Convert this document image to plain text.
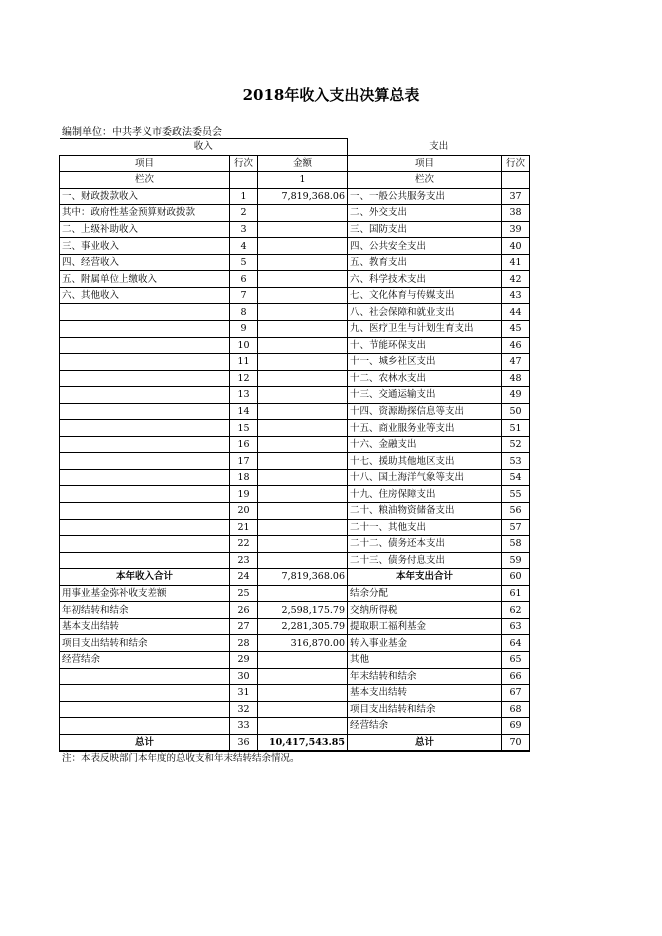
2018年收入支出决算总表
编制单位：中共孝义市委政法委员会
收入			支出	
项目	行次	金额	项目	行次
栏次		1	栏次	
一、财政拨款收入	1	7,819,368.06	一、一般公共服务支出	37
其中：政府性基金预算财政拨款	2		二、外交支出	38
二、上级补助收入	3		三、国防支出	39
三、事业收入	4		四、公共安全支出	40
四、经营收入	5		五、教育支出	41
五、附属单位上缴收入	6		六、科学技术支出	42
六、其他收入	7		七、文化体育与传媒支出	43
	8		八、社会保障和就业支出	44
	9		九、医疗卫生与计划生育支出	45
	10		十、节能环保支出	46
	11		十一、城乡社区支出	47
	12		十二、农林水支出	48
	13		十三、交通运输支出	49
	14		十四、资源勘探信息等支出	50
	15		十五、商业服务业等支出	51
	16		十六、金融支出	52
	17		十七、援助其他地区支出	53
	18		十八、国土海洋气象等支出	54
	19		十九、住房保障支出	55
	20		二十、粮油物资储备支出	56
	21		二十一、其他支出	57
	22		二十二、债务还本支出	58
	23		二十三、债务付息支出	59
本年收入合计	24	7,819,368.06	本年支出合计	60
用事业基金弥补收支差额	25		结余分配	61
年初结转和结余	26	2,598,175.79	交纳所得税	62
基本支出结转	27	2,281,305.79	提取职工福利基金	63
项目支出结转和结余	28	316,870.00	转入事业基金	64
经营结余	29		其他	65
	30		年末结转和结余	66
	31		基本支出结转	67
	32		项目支出结转和结余	68
	33		经营结余	69
总计	36	10,417,543.85	总计	70
注：本表反映部门本年度的总收支和年末结转结余情况。
